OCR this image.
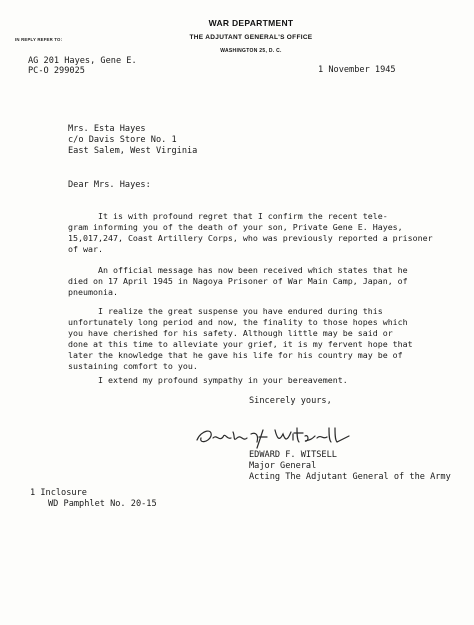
WAR DEPARTMENT
THE ADJUTANT GENERAL'S OFFICE
WASHINGTON 25, D. C.
IN REPLY REFER TO:
AG 201 Hayes, Gene E.
PC-O 299025	1 November 1945
Mrs. Esta Hayes
c/o Davis Store No. 1
East Salem, West Virginia
Dear Mrs. Hayes:
It is with profound regret that I confirm the recent tele-
gram informing you of the death of your son, Private Gene E. Hayes,
15,017,247, Coast Artillery Corps, who was previously reported a prisoner
of war.
An official message has now been received which states that he
died on 17 April 1945 in Nagoya Prisoner of War Main Camp, Japan, of
pneumonia.
I realize the great suspense you have endured during this
unfortunately long period and now, the finality to those hopes which
you have cherished for his safety. Although little may be said or
done at this time to alleviate your grief, it is my fervent hope that
later the knowledge that he gave his life for his country may be of
sustaining comfort to you.
I extend my profound sympathy in your bereavement.
Sincerely yours,
EDWARD F. WITSELL
Major General
Acting The Adjutant General of the Army
1 Inclosure
WD Pamphlet No. 20-15
